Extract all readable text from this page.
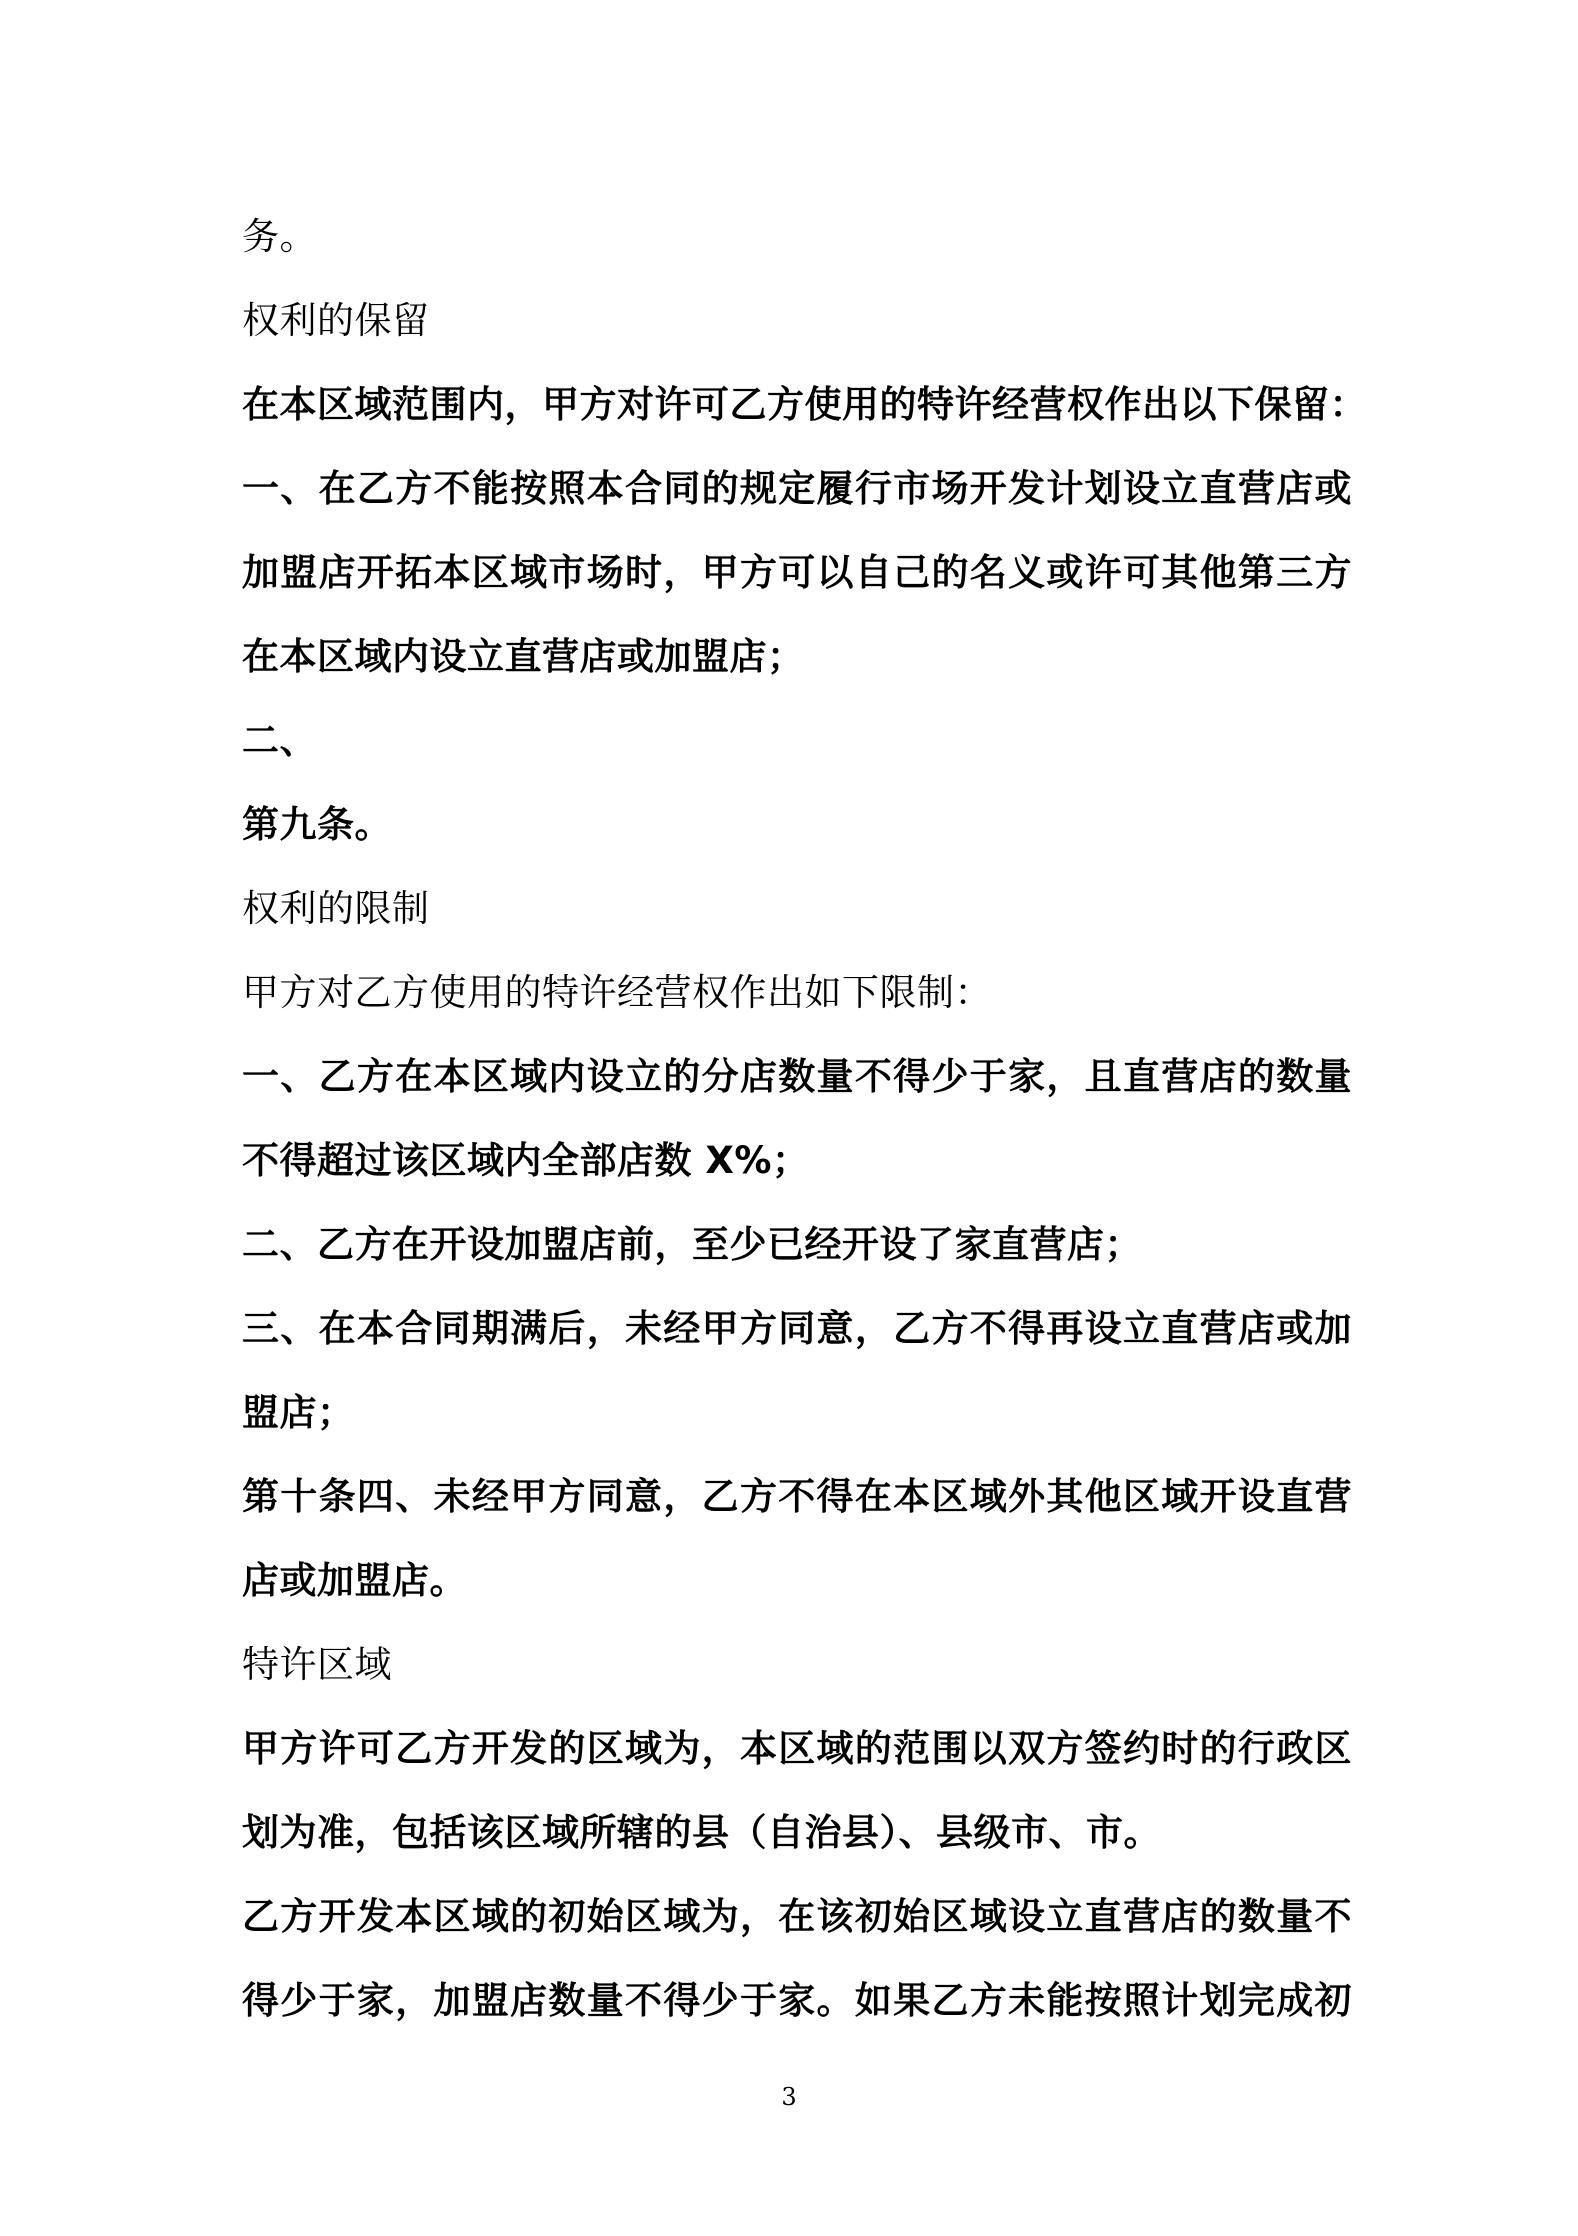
务。
权利的保留
在本区域范围内，甲方对许可乙方使用的特许经营权作出以下保留：
一、在乙方不能按照本合同的规定履行市场开发计划设立直营店或
加盟店开拓本区域市场时，甲方可以自己的名义或许可其他第三方
在本区域内设立直营店或加盟店；
二、
第九条。
权利的限制
甲方对乙方使用的特许经营权作出如下限制：
一、乙方在本区域内设立的分店数量不得少于家，且直营店的数量
不得超过该区域内全部店数 X%；
二、乙方在开设加盟店前，至少已经开设了家直营店；
三、在本合同期满后，未经甲方同意，乙方不得再设立直营店或加
盟店；
第十条四、未经甲方同意，乙方不得在本区域外其他区域开设直营
店或加盟店。
特许区域
甲方许可乙方开发的区域为，本区域的范围以双方签约时的行政区
划为准，包括该区域所辖的县（自治县）、县级市、市。
乙方开发本区域的初始区域为，在该初始区域设立直营店的数量不
得少于家，加盟店数量不得少于家。如果乙方未能按照计划完成初
3
